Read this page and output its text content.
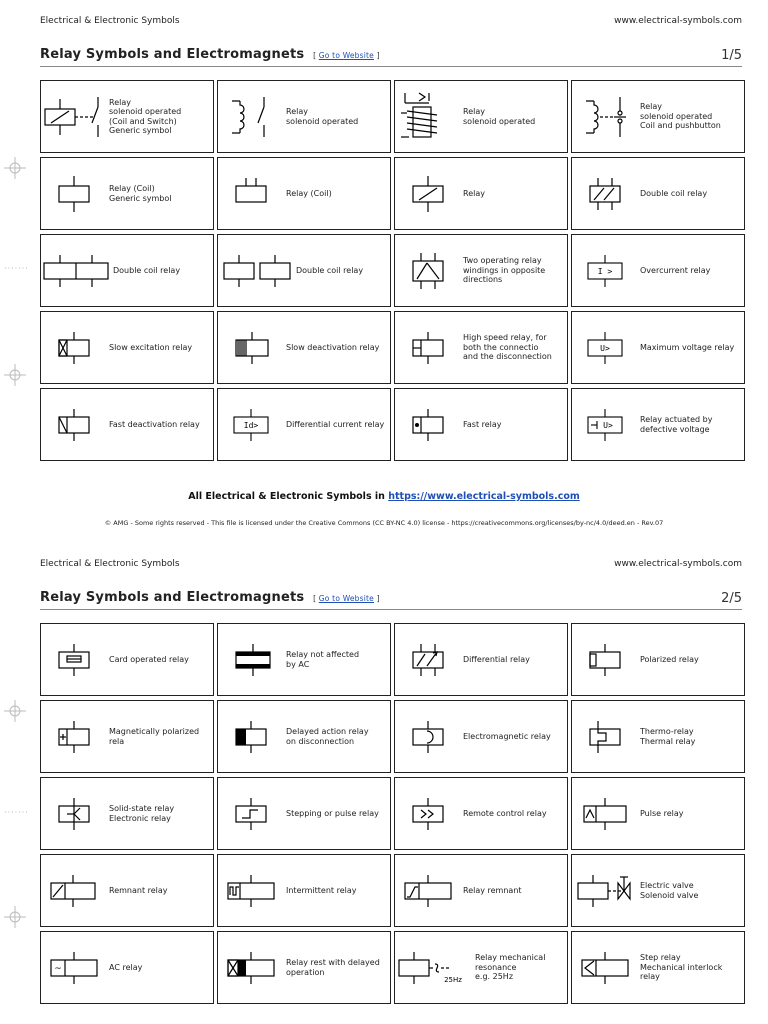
Electrical & Electronic Symbols	www.electrical-symbols.com
Relay Symbols and Electromagnets [ Go to Website ]	1/5
Relay
solenoid operated
(Coil and Switch)
Generic symbol
Relay
solenoid operated
Relay
solenoid operated
Relay
solenoid operated
Coil and pushbutton
Relay (Coil)
Generic symbol
Relay (Coil)	Relay	Double coil relay
Double coil relay	Double coil relay
Two operating relay
windings in opposite
directions
I >	Overcurrent relay
Slow excitation relay	Slow deactivation relay
High speed relay, for
both the connectio
and the disconnection
U>	Maximum voltage relay
Fast deactivation relay	Id>	Differential current relay	Fast relay	U>
Relay actuated by
defective voltage
All Electrical & Electronic Symbols in https://www.electrical-symbols.com
© AMG - Some rights reserved - This file is licensed under the Creative Commons (CC BY-NC 4.0) license - https://creativecommons.org/licenses/by-nc/4.0/deed.en - Rev.07
Electrical & Electronic Symbols	www.electrical-symbols.com
Relay Symbols and Electromagnets [ Go to Website ]	2/5
Card operated relay
Relay not affected
by AC
Differential relay	Polarized relay
Magnetically polarized
rela
Delayed action relay
on disconnection
Electromagnetic relay
Thermo-relay
Thermal relay
Solid-state relay
Electronic relay
Stepping or pulse relay	Remote control relay	Pulse relay
Remnant relay	Intermittent relay	Relay remnant
Electric valve
Solenoid valve
~	AC relay
Relay rest with delayed
operation
25Hz
Relay mechanical
resonance
e.g. 25Hz
Step relay
Mechanical interlock
relay
·······
·······
